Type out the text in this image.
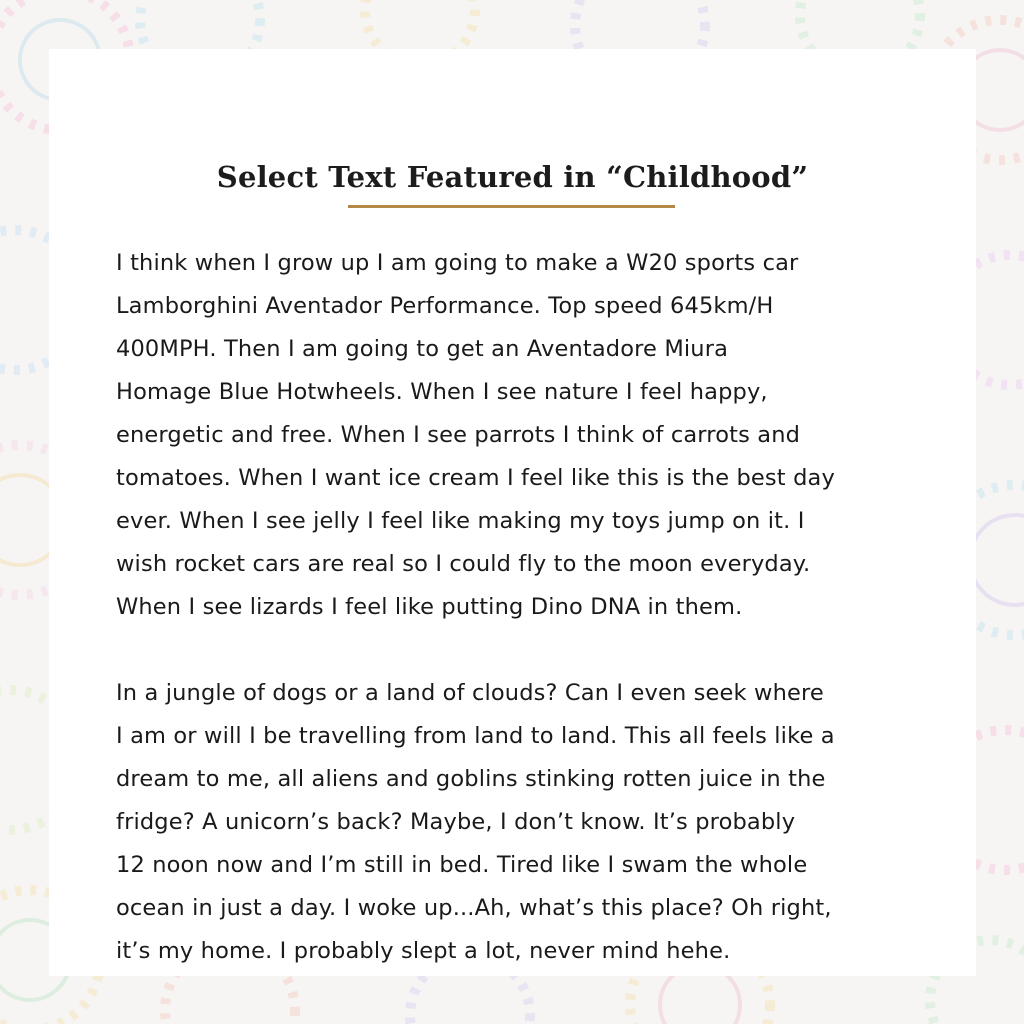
Select Text Featured in “Childhood”

I think when I grow up I am going to make a W20 sports car
Lamborghini Aventador Performance. Top speed 645km/H
400MPH. Then I am going to get an Aventadore Miura
Homage Blue Hotwheels. When I see nature I feel happy,
energetic and free. When I see parrots I think of carrots and
tomatoes. When I want ice cream I feel like this is the best day
ever. When I see jelly I feel like making my toys jump on it. I
wish rocket cars are real so I could fly to the moon everyday.
When I see lizards I feel like putting Dino DNA in them.

In a jungle of dogs or a land of clouds? Can I even seek where
I am or will I be travelling from land to land. This all feels like a
dream to me, all aliens and goblins stinking rotten juice in the
fridge? A unicorn’s back? Maybe, I don’t know. It’s probably
12 noon now and I’m still in bed. Tired like I swam the whole
ocean in just a day. I woke up...Ah, what’s this place? Oh right,
it’s my home. I probably slept a lot, never mind hehe.
